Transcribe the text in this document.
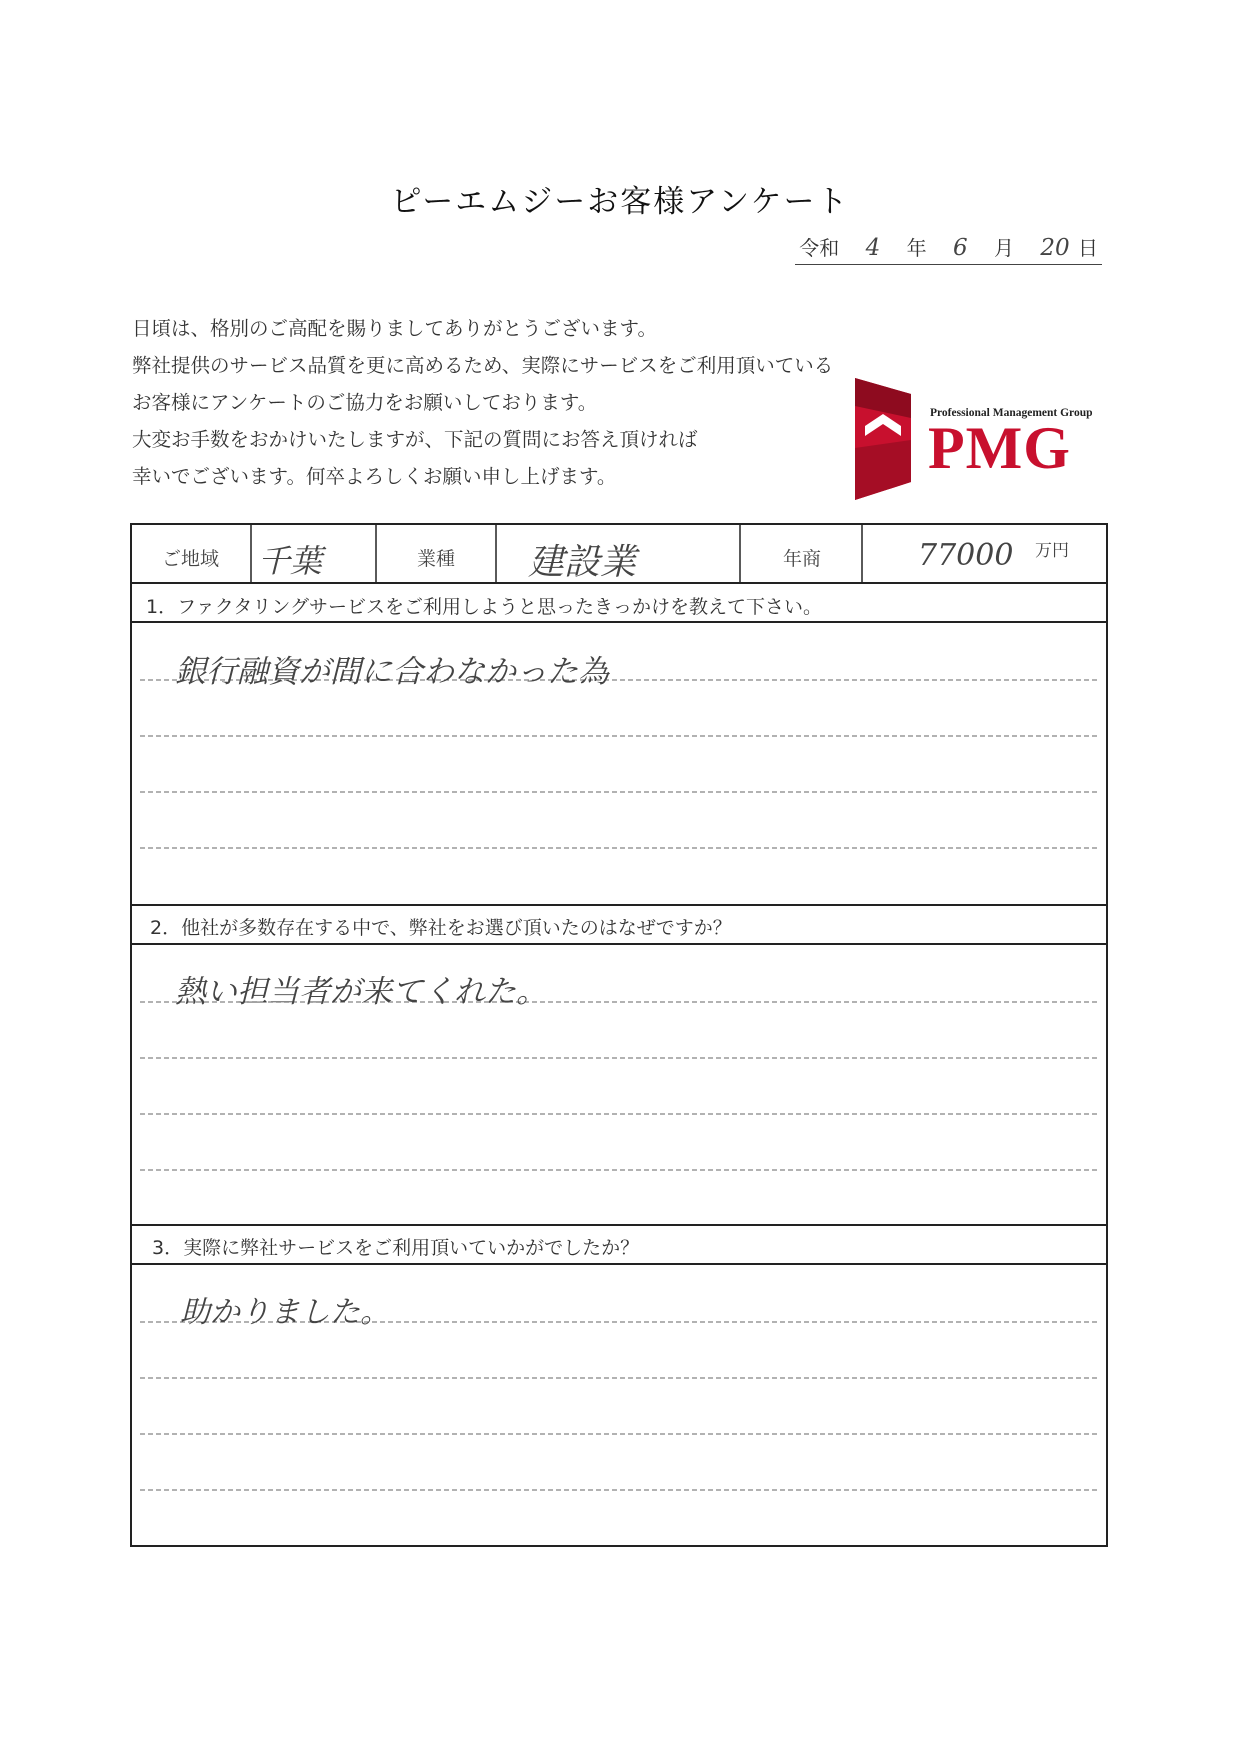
ピーエムジーお客様アンケート
令和 4 年 6 月 20 日
日頃は、格別のご高配を賜りましてありがとうございます。
弊社提供のサービス品質を更に高めるため、実際にサービスをご利用頂いている
お客様にアンケートのご協力をお願いしております。
大変お手数をおかけいたしますが、下記の質問にお答え頂ければ
幸いでございます。何卒よろしくお願い申し上げます。
Professional Management Group
PMG
ご地域 千葉	業種 建設業	年商	77000 万円
1．ファクタリングサービスをご利用しようと思ったきっかけを教えて下さい。
銀行融資が間に合わなかった為
2．他社が多数存在する中で、弊社をお選び頂いたのはなぜですか？
熱い担当者が来てくれた。
3．実際に弊社サービスをご利用頂いていかがでしたか？
助かりました。
